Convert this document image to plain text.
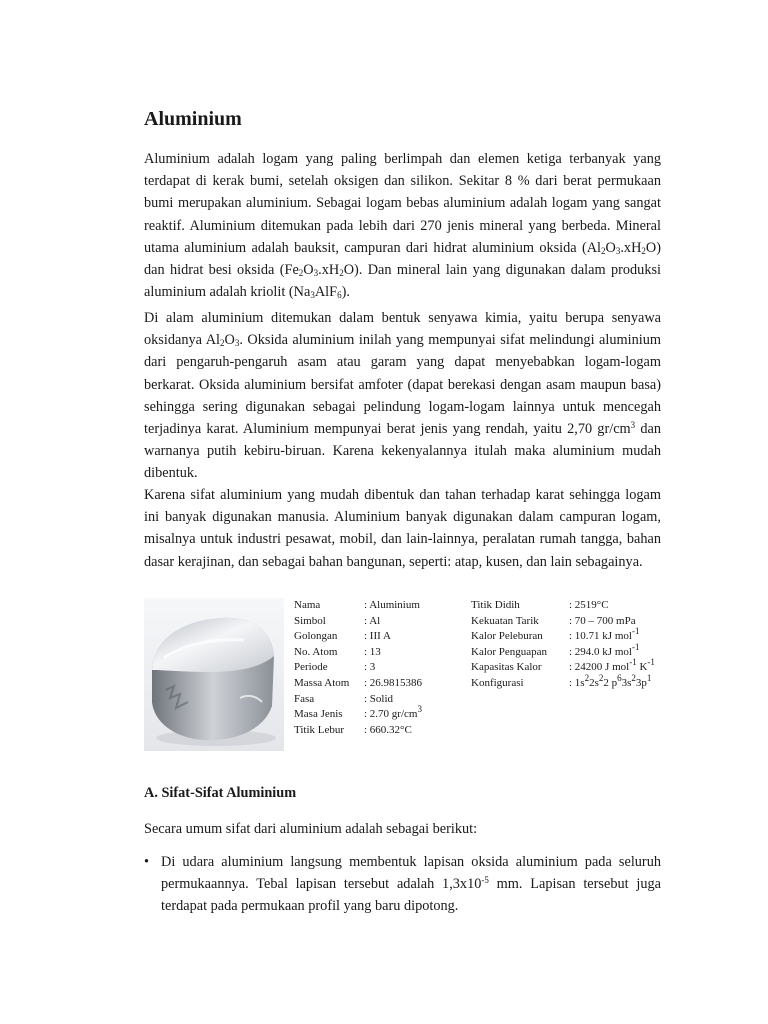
Aluminium

Aluminium adalah logam yang paling berlimpah dan elemen ketiga terbanyak yang terdapat di kerak bumi, setelah oksigen dan silikon. Sekitar 8 % dari berat permukaan bumi merupakan aluminium. Sebagai logam bebas aluminium adalah logam yang sangat reaktif. Aluminium ditemukan pada lebih dari 270 jenis mineral yang berbeda. Mineral utama aluminium adalah bauksit, campuran dari hidrat aluminium oksida $(Al_2O_3.xH_2O)$ dan hidrat besi oksida $(Fe_2O_3.xH_2O)$. Dan mineral lain yang digunakan dalam produksi aluminium adalah kriolit $(Na_3AlF_6)$.

Di alam aluminium ditemukan dalam bentuk senyawa kimia, yaitu berupa senyawa oksidanya $Al_2O_3$. Oksida aluminium inilah yang mempunyai sifat melindungi aluminium dari pengaruh-pengaruh asam atau garam yang dapat menyebabkan logam-logam berkarat. Oksida aluminium bersifat amfoter (dapat berekasi dengan asam maupun basa) sehingga sering digunakan sebagai pelindung logam-logam lainnya untuk mencegah terjadinya karat. Aluminium mempunyai berat jenis yang rendah, yaitu 2,70 $gr/cm^3$ dan warnanya putih kebiru-biruan. Karena kekenyalannya itulah maka aluminium mudah dibentuk.

Karena sifat aluminium yang mudah dibentuk dan tahan terhadap karat sehingga logam ini banyak digunakan manusia. Aluminium banyak digunakan dalam campuran logam, misalnya untuk industri pesawat, mobil, dan lain-lainnya, peralatan rumah tangga, bahan dasar kerajinan, dan sebagai bahan bangunan, seperti: atap, kusen, dan lain sebagainya.

Nama	: Aluminium
Simbol	: Al
Golongan	: III A
No. Atom	: 13
Periode	: 3
Massa Atom	: 26.9815386
Fasa	: Solid
Masa Jenis	: 2.70 $gr/cm^3$
Titik Lebur	: 660.32°C
Titik Didih	: 2519°C
Kekuatan Tarik	: 70 – 700 mPa
Kalor Peleburan	: 10.71 kJ mol$^{-1}$
Kalor Penguapan	: 294.0 kJ mol$^{-1}$
Kapasitas Kalor	: 24200 J mol$^{-1}$ $K^{-1}$
Konfigurasi	: $1s^22s^22$ $p^63s^23p^1$
A. Sifat-Sifat Aluminium

Secara umum sifat dari aluminium adalah sebagai berikut:

• Di udara aluminium langsung membentuk lapisan oksida aluminium pada seluruh permukaannya. Tebal lapisan tersebut adalah $1,3x10^{-5}$ mm. Lapisan tersebut juga terdapat pada permukaan profil yang baru dipotong.
